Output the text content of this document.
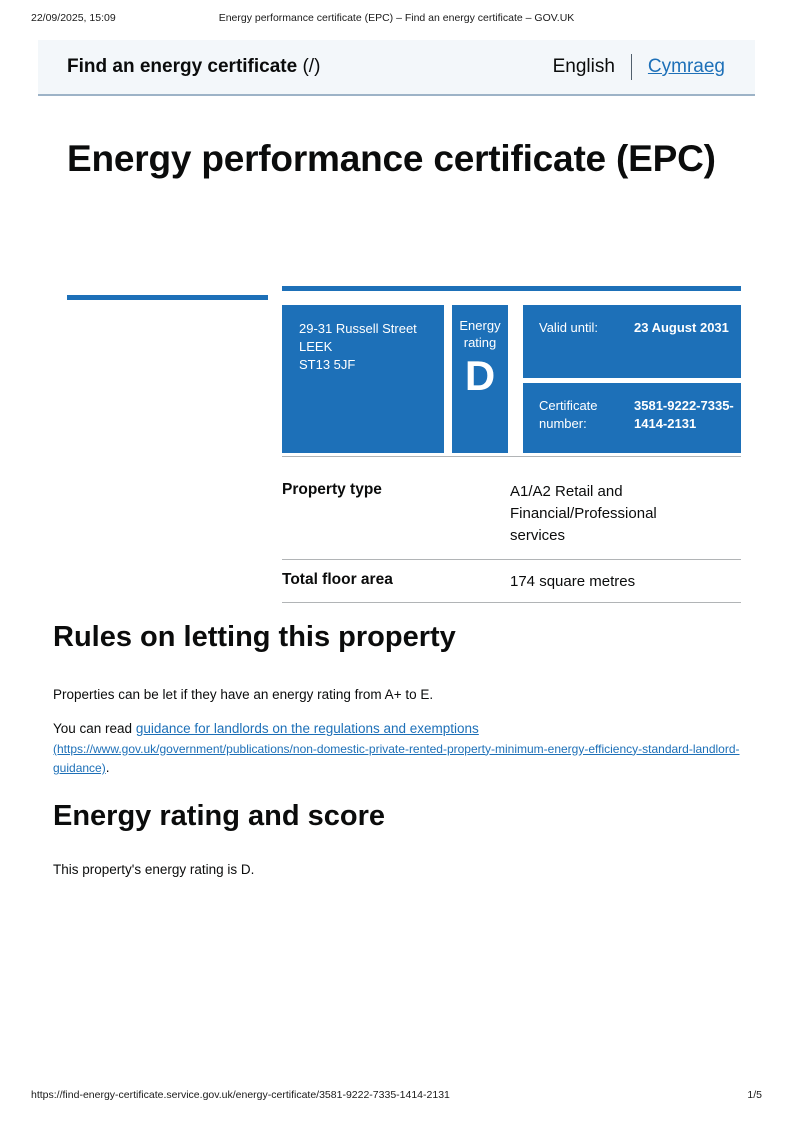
22/09/2025, 15:09	Energy performance certificate (EPC) – Find an energy certificate – GOV.UK
Find an energy certificate (/)	English Cymraeg
Energy performance certificate (EPC)
29-31 Russell Street
LEEK
ST13 5JF
Energy rating
D
Valid until:	23 August 2031
Certificate number:
3581-9222-7335-1414-2131
Property type	A1/A2 Retail and Financial/Professional services
Total floor area	174 square metres
Rules on letting this property

Properties can be let if they have an energy rating from A+ to E.

You can read guidance for landlords on the regulations and exemptions (https://www.gov.uk/government/publications/non-domestic-private-rented-property-minimum-energy-efficiency-standard-landlord-guidance).

Energy rating and score

This property's energy rating is D.

https://find-energy-certificate.service.gov.uk/energy-certificate/3581-9222-7335-1414-2131	1/5
